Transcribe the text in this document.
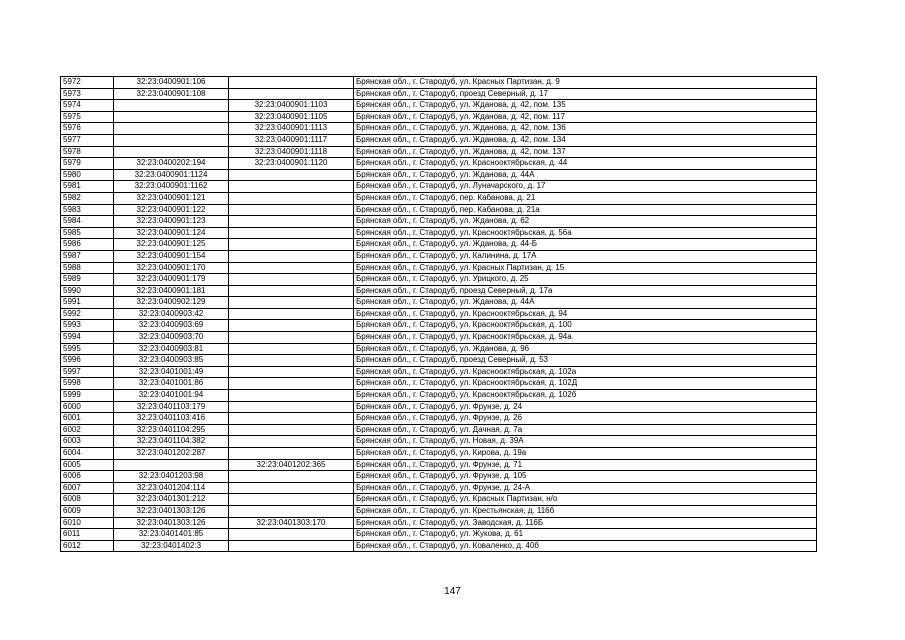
5972	32:23:0400901:106		Брянская обл., г. Стародуб, ул. Красных Партизан, д. 9
5973	32:23:0400901:108		Брянская обл., г. Стародуб, проезд Северный, д. 17
5974		32:23:0400901:1103	Брянская обл., г. Стародуб, ул. Жданова, д. 42, пом. 135
5975		32:23:0400901:1105	Брянская обл., г. Стародуб, ул. Жданова, д. 42, пом. 117
5976		32:23:0400901:1113	Брянская обл., г. Стародуб, ул. Жданова, д. 42, пом. 136
5977		32:23:0400901:1117	Брянская обл., г. Стародуб, ул. Жданова, д. 42, пом. 134
5978		32:23:0400901:1118	Брянская обл., г. Стародуб, ул. Жданова, д. 42, пом. 137
5979	32:23:0400202:194	32:23:0400901:1120	Брянская обл., г. Стародуб, ул. Краснооктябрьская, д. 44
5980	32:23:0400901:1124		Брянская обл., г. Стародуб, ул. Жданова, д. 44А
5981	32:23:0400901:1162		Брянская обл., г. Стародуб, ул. Луначарского, д. 17
5982	32:23:0400901:121		Брянская обл., г. Стародуб, пер. Кабанова, д. 21
5983	32:23:0400901:122		Брянская обл., г. Стародуб, пер. Кабанова, д. 21а
5984	32:23:0400901:123		Брянская обл., г. Стародуб, ул. Жданова, д. 62
5985	32:23:0400901:124		Брянская обл., г. Стародуб, ул. Краснооктябрьская, д. 56а
5986	32:23:0400901:125		Брянская обл., г. Стародуб, ул. Жданова, д. 44-Б
5987	32:23:0400901:154		Брянская обл., г. Стародуб, ул. Калинина, д. 17А
5988	32:23:0400901:170		Брянская обл., г. Стародуб, ул. Красных Партизан, д. 15
5989	32:23:0400901:179		Брянская обл., г. Стародуб, ул. Урицкого, д. 25
5990	32:23:0400901:181		Брянская обл., г. Стародуб, проезд Северный, д. 17а
5991	32:23:0400902:129		Брянская обл., г. Стародуб, ул. Жданова, д. 44А
5992	32:23:0400903:42		Брянская обл., г. Стародуб, ул. Краснооктябрьская, д. 94
5993	32:23:0400903:69		Брянская обл., г. Стародуб, ул. Краснооктябрьская, д. 100
5994	32:23:0400903:70		Брянская обл., г. Стародуб, ул. Краснооктябрьская, д. 94а
5995	32:23:0400903:81		Брянская обл., г. Стародуб, ул. Жданова, д. 96
5996	32:23:0400903:85		Брянская обл., г. Стародуб, проезд Северный, д. 53
5997	32:23:0401001:49		Брянская обл., г. Стародуб, ул. Краснооктябрьская, д. 102а
5998	32:23:0401001:86		Брянская обл., г. Стародуб, ул. Краснооктябрьская, д. 102Д
5999	32:23:0401001:94		Брянская обл., г. Стародуб, ул. Краснооктябрьская, д. 102б
6000	32:23:0401103:179		Брянская обл., г. Стародуб, ул. Фрунзе, д. 24
6001	32:23:0401103:416		Брянская обл., г. Стародуб, ул. Фрунзе, д. 26
6002	32:23:0401104:295		Брянская обл., г. Стародуб, ул. Дачная, д. 7а
6003	32:23:0401104:382		Брянская обл., г. Стародуб, ул. Новая, д. 39А
6004	32:23:0401202:287		Брянская обл., г. Стародуб, ул. Кирова, д. 19а
6005		32:23:0401202:365	Брянская обл., г. Стародуб, ул. Фрунзе, д. 71
6006	32:23:0401203:98		Брянская обл., г. Стародуб, ул. Фрунзе, д. 105
6007	32:23:0401204:114		Брянская обл., г. Стародуб, ул. Фрунзе, д. 24-А
6008	32:23:0401301:212		Брянская обл., г. Стародуб, ул. Красных Партизан, н/о
6009	32:23:0401303:126		Брянская обл., г. Стародуб, ул. Крестьянская, д. 116б
6010	32:23:0401303:126	32:23:0401303:170	Брянская обл., г. Стародуб, ул. Заводская, д. 116Б
6011	32:23:0401401:85		Брянская обл., г. Стародуб, ул. Жукова, д. 61
6012	32:23:0401402:3		Брянская обл., г. Стародуб, ул. Коваленко, д. 40б
147
